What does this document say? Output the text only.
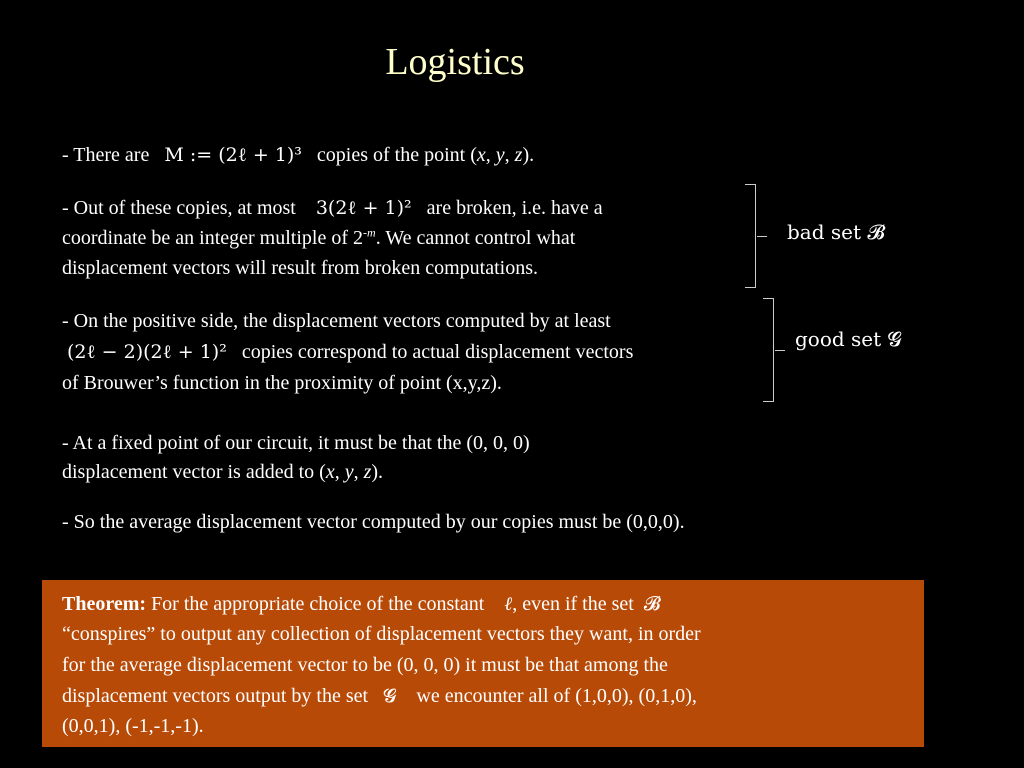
Logistics
- There are M := (2ℓ + 1)³ copies of the point (x, y, z).
- Out of these copies, at most 3(2ℓ + 1)² are broken, i.e. have a
coordinate be an integer multiple of $2^{-m}$. We cannot control what
displacement vectors will result from broken computations.
bad set 𝓑
- On the positive side, the displacement vectors computed by at least
(2ℓ − 2)(2ℓ + 1)² copies correspond to actual displacement vectors
of Brouwer’s function in the proximity of point (x,y,z).
good set 𝓖
- At a fixed point of our circuit, it must be that the (0, 0, 0)
displacement vector is added to (x, y, z).
- So the average displacement vector computed by our copies must be (0,0,0).
Theorem: For the appropriate choice of the constant ℓ, even if the set 𝓑
“conspires” to output any collection of displacement vectors they want, in order
for the average displacement vector to be (0, 0, 0) it must be that among the
displacement vectors output by the set 𝓖 we encounter all of (1,0,0), (0,1,0),
(0,0,1), (-1,-1,-1).
